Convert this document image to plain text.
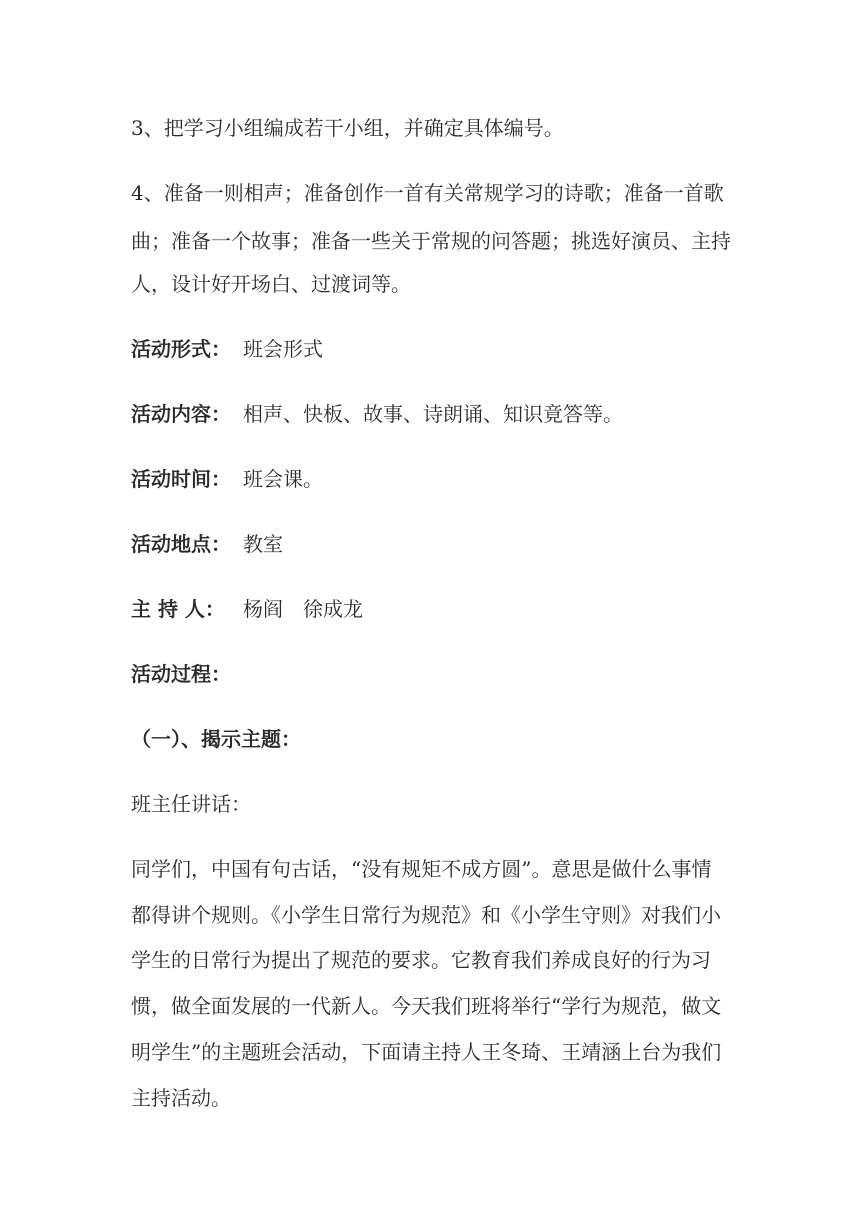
3、把学习小组编成若干小组，并确定具体编号。
4、准备一则相声；准备创作一首有关常规学习的诗歌；准备一首歌
曲；准备一个故事；准备一些关于常规的问答题；挑选好演员、主持
人，设计好开场白、过渡词等。
活动形式： 班会形式
活动内容： 相声、快板、故事、诗朗诵、知识竟答等。
活动时间： 班会课。
活动地点： 教室
主 持 人： 杨阎 徐成龙
活动过程：
（一）、揭示主题：
班主任讲话：
同学们，中国有句古话，“没有规矩不成方圆”。意思是做什么事情
都得讲个规则。《小学生日常行为规范》和《小学生守则》对我们小
学生的日常行为提出了规范的要求。它教育我们养成良好的行为习
惯，做全面发展的一代新人。今天我们班将举行“学行为规范，做文
明学生”的主题班会活动，下面请主持人王冬琦、王靖涵上台为我们
主持活动。
